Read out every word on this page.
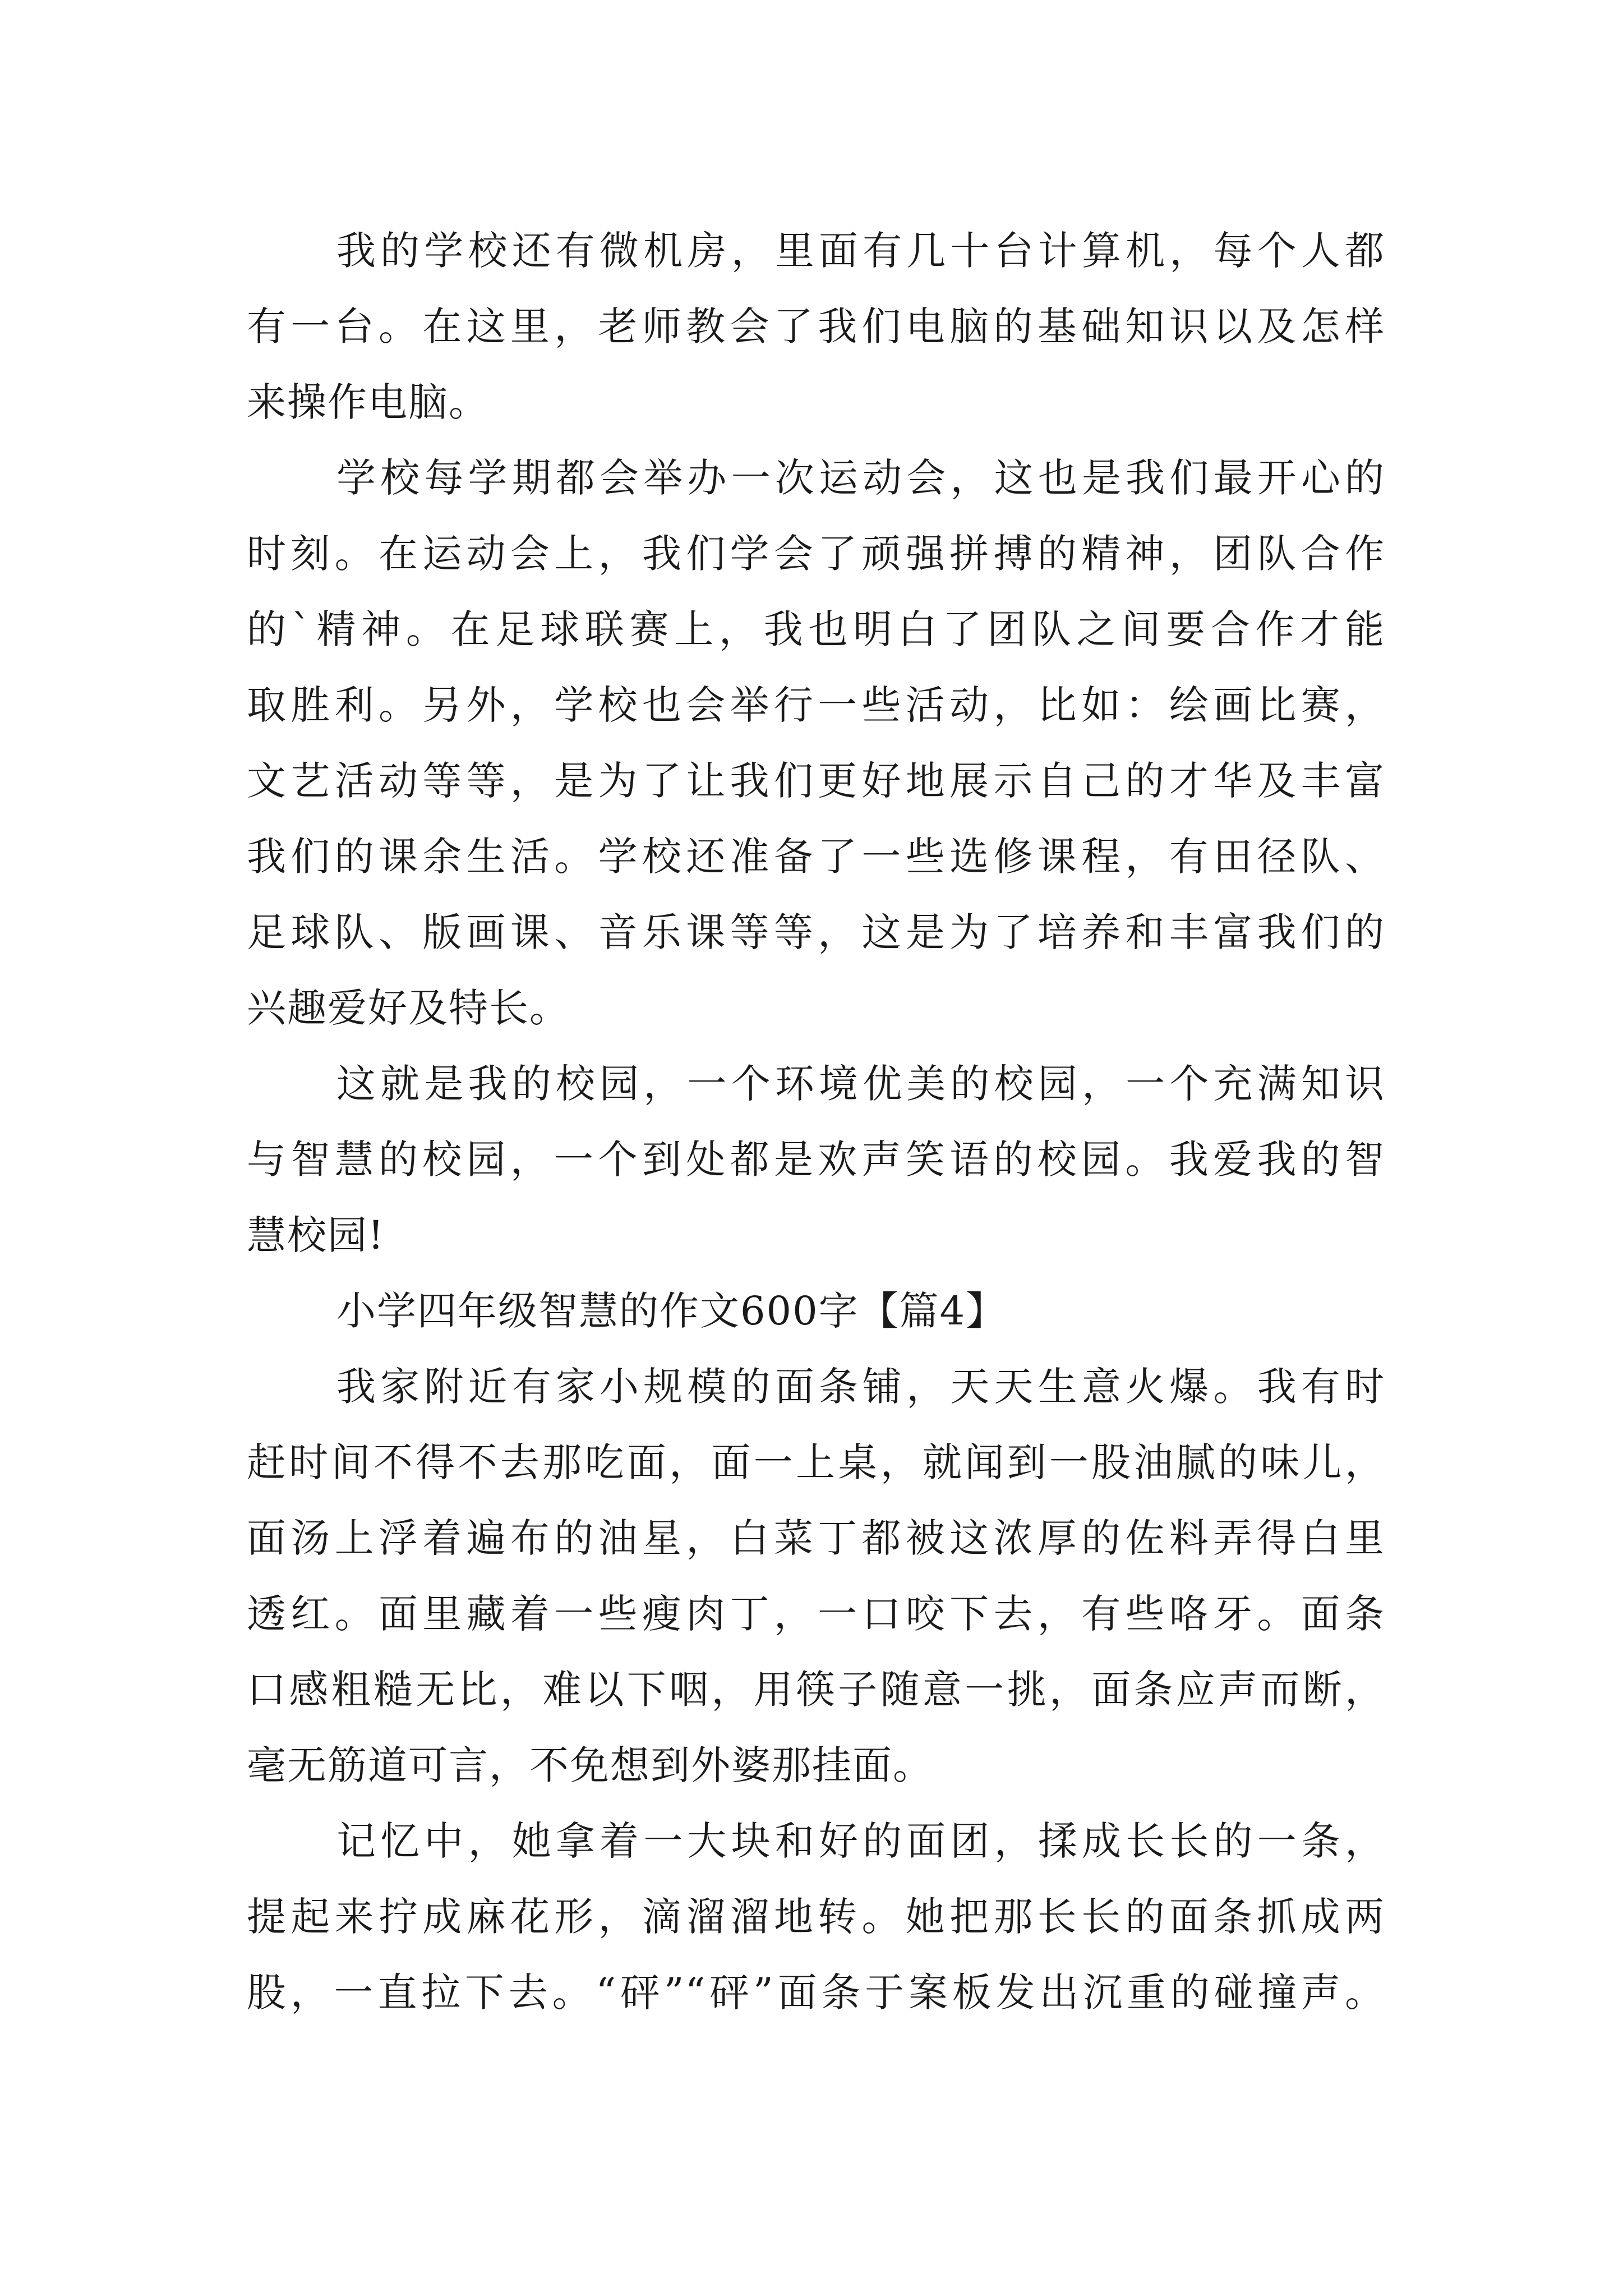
我的学校还有微机房，里面有几十台计算机，每个人都
有一台。在这里，老师教会了我们电脑的基础知识以及怎样
来操作电脑。
学校每学期都会举办一次运动会，这也是我们最开心的
时刻。在运动会上，我们学会了顽强拼搏的精神，团队合作
的`精神。在足球联赛上，我也明白了团队之间要合作才能
取胜利。另外，学校也会举行一些活动，比如：绘画比赛，
文艺活动等等，是为了让我们更好地展示自己的才华及丰富
我们的课余生活。学校还准备了一些选修课程，有田径队、
足球队、版画课、音乐课等等，这是为了培养和丰富我们的
兴趣爱好及特长。
这就是我的校园，一个环境优美的校园，一个充满知识
与智慧的校园，一个到处都是欢声笑语的校园。我爱我的智
慧校园!
小学四年级智慧的作文600字【篇4】
我家附近有家小规模的面条铺，天天生意火爆。我有时
赶时间不得不去那吃面，面一上桌，就闻到一股油腻的味儿，
面汤上浮着遍布的油星，白菜丁都被这浓厚的佐料弄得白里
透红。面里藏着一些瘦肉丁，一口咬下去，有些咯牙。面条
口感粗糙无比，难以下咽，用筷子随意一挑，面条应声而断，
毫无筋道可言，不免想到外婆那挂面。
记忆中，她拿着一大块和好的面团，揉成长长的一条，
提起来拧成麻花形，滴溜溜地转。她把那长长的面条抓成两
股，一直拉下去。“砰”“砰”面条于案板发出沉重的碰撞声。
